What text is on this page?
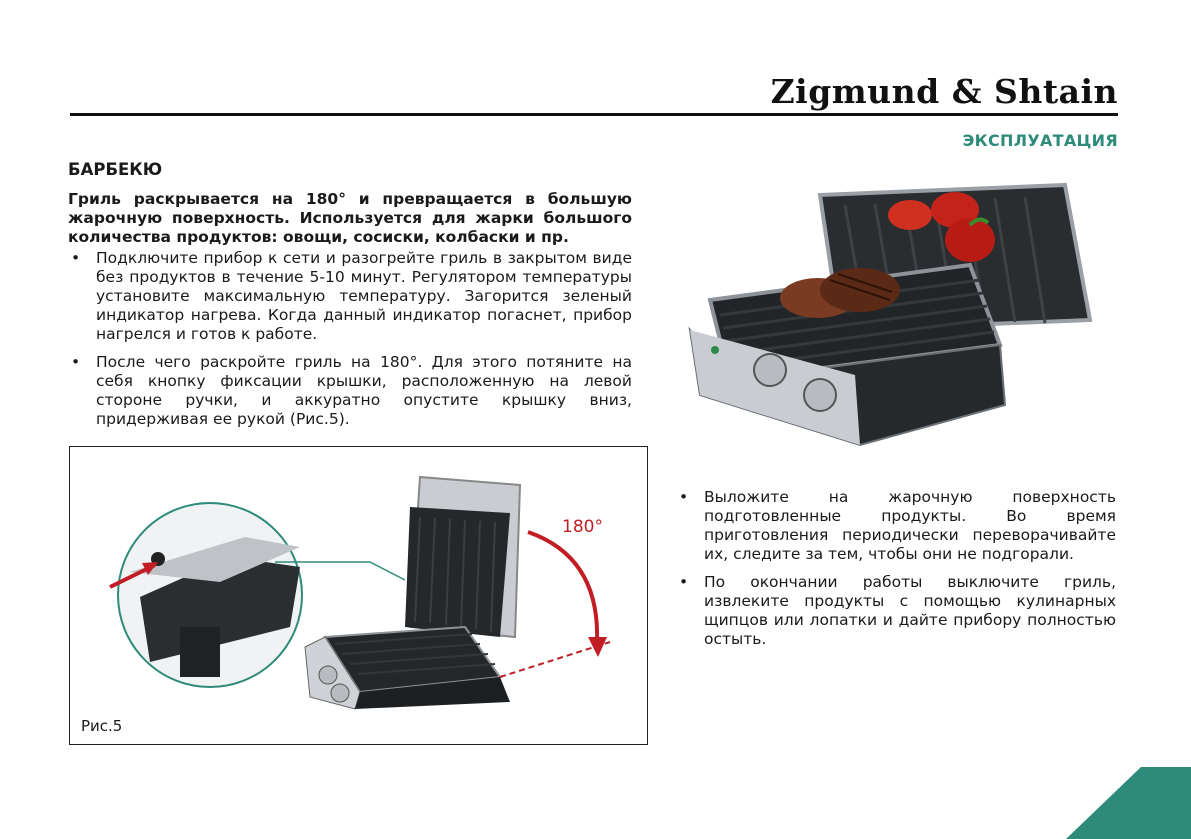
Zigmund & Shtain
ЭКСПЛУАТАЦИЯ
БАРБЕКЮ
Гриль раскрывается на 180° и превращается в большую жарочную поверхность. Используется для жарки большого количества продуктов: овощи, сосиски, колбаски и пр.
• Подключите прибор к сети и разогрейте гриль в закрытом виде без продуктов в течение 5-10 минут. Регулятором температуры установите максимальную температуру. Загорится зеленый индикатор нагрева. Когда данный индикатор погаснет, прибор нагрелся и готов к работе.
• После чего раскройте гриль на 180°. Для этого потяните на себя кнопку фиксации крышки, расположенную на левой стороне ручки, и аккуратно опустите крышку вниз, придерживая ее рукой (Рис.5).
180°
Рис.5
• Выложите на жарочную поверхность подготовленные продукты. Во время приготовления периодически переворачивайте их, следите за тем, чтобы они не подгорали.
• По окончании работы выключите гриль, извлеките продукты с помощью кулинарных щипцов или лопатки и дайте прибору полностью остыть.
